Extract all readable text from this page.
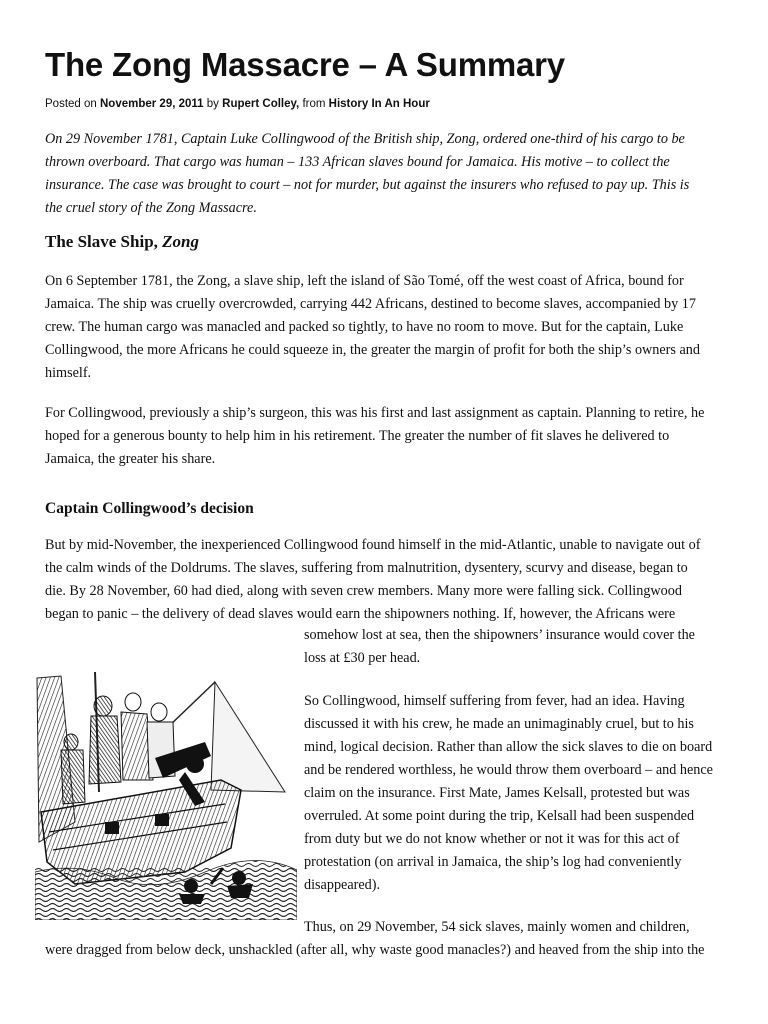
The Zong Massacre – A Summary
Posted on November 29, 2011 by Rupert Colley, from History In An Hour
On 29 November 1781, Captain Luke Collingwood of the British ship, Zong, ordered one-third of his cargo to be
thrown overboard. That cargo was human – 133 African slaves bound for Jamaica. His motive – to collect the
insurance. The case was brought to court – not for murder, but against the insurers who refused to pay up. This is
the cruel story of the Zong Massacre.
The Slave Ship, Zong
On 6 September 1781, the Zong, a slave ship, left the island of São Tomé, off the west coast of Africa, bound for
Jamaica. The ship was cruelly overcrowded, carrying 442 Africans, destined to become slaves, accompanied by 17
crew. The human cargo was manacled and packed so tightly, to have no room to move. But for the captain, Luke
Collingwood, the more Africans he could squeeze in, the greater the margin of profit for both the ship’s owners and
himself.
For Collingwood, previously a ship’s surgeon, this was his first and last assignment as captain. Planning to retire, he
hoped for a generous bounty to help him in his retirement. The greater the number of fit slaves he delivered to
Jamaica, the greater his share.
Captain Collingwood’s decision
But by mid-November, the inexperienced Collingwood found himself in the mid-Atlantic, unable to navigate out of
the calm winds of the Doldrums. The slaves, suffering from malnutrition, dysentery, scurvy and disease, began to
die. By 28 November, 60 had died, along with seven crew members. Many more were falling sick. Collingwood
began to panic – the delivery of dead slaves would earn the shipowners nothing. If, however, the Africans were
somehow lost at sea, then the shipowners’ insurance would cover the
loss at £30 per head.
So Collingwood, himself suffering from fever, had an idea. Having
discussed it with his crew, he made an unimaginably cruel, but to his
mind, logical decision. Rather than allow the sick slaves to die on board
and be rendered worthless, he would throw them overboard – and hence
claim on the insurance. First Mate, James Kelsall, protested but was
overruled. At some point during the trip, Kelsall had been suspended
from duty but we do not know whether or not it was for this act of
protestation (on arrival in Jamaica, the ship’s log had conveniently
disappeared).
Thus, on 29 November, 54 sick slaves, mainly women and children,
were dragged from below deck, unshackled (after all, why waste good manacles?) and heaved from the ship into the
